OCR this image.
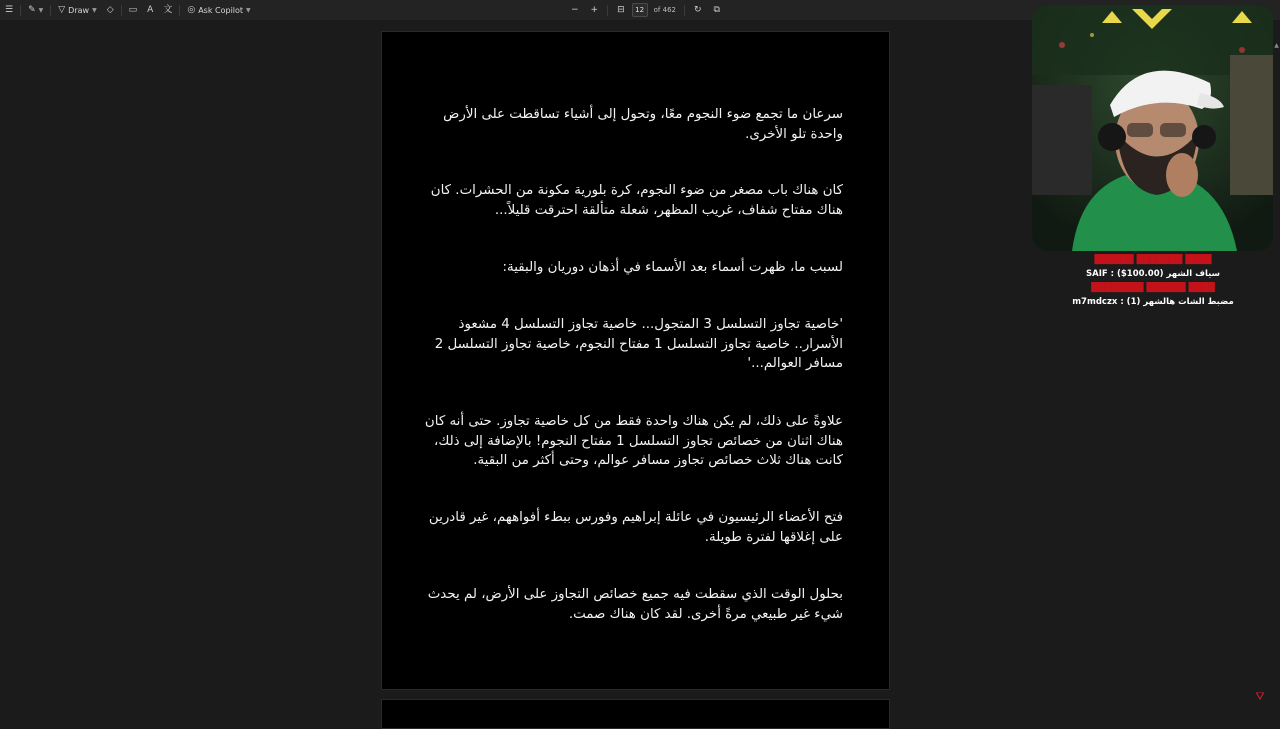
☰ ✎ ▼ ▽ Draw ▼ ◇ ▭ A 文 ◎ Ask Copilot ▼	− + ⊟	12	of 462	↻ ⧉

سرعان ما تجمع ضوء النجوم معًا، وتحول إلى أشياء تساقطت على الأرض واحدة تلو الأخرى.

كان هناك باب مصغر من ضوء النجوم، كرة بلورية مكونة من الحشرات. كان هناك مفتاح شفاف، غريب المظهر، شعلة متألقة احترقت قليلاً...

لسبب ما، ظهرت أسماء بعد الأسماء في أذهان دوريان والبقية:

'خاصية تجاوز التسلسل 3 المتجول... خاصية تجاوز التسلسل 4 مشعوذ الأسرار.. خاصية تجاوز التسلسل 1 مفتاح النجوم، خاصية تجاوز التسلسل 2 مسافر العوالم...'

علاوةً على ذلك، لم يكن هناك واحدة فقط من كل خاصية تجاوز. حتى أنه كان هناك اثنان من خصائص تجاوز التسلسل 1 مفتاح النجوم! بالإضافة إلى ذلك، كانت هناك ثلاث خصائص تجاوز مسافر عوالم، وحتى أكثر من البقية.

فتح الأعضاء الرئيسيون في عائلة إبراهيم وفورس ببطء أفواههم، غير قادرين على إغلاقها لفترة طويلة.

بحلول الوقت الذي سقطت فيه جميع خصائص التجاوز على الأرض، لم يحدث شيء غير طبيعي مرةً أخرى. لقد كان هناك صمت.

██████ ███████ ████
SAIF : ($100.00) سياف الشهر
████████ ██████ ████
m7mdczx : (1) مضبط الشات هالشهر
▲
⛛
